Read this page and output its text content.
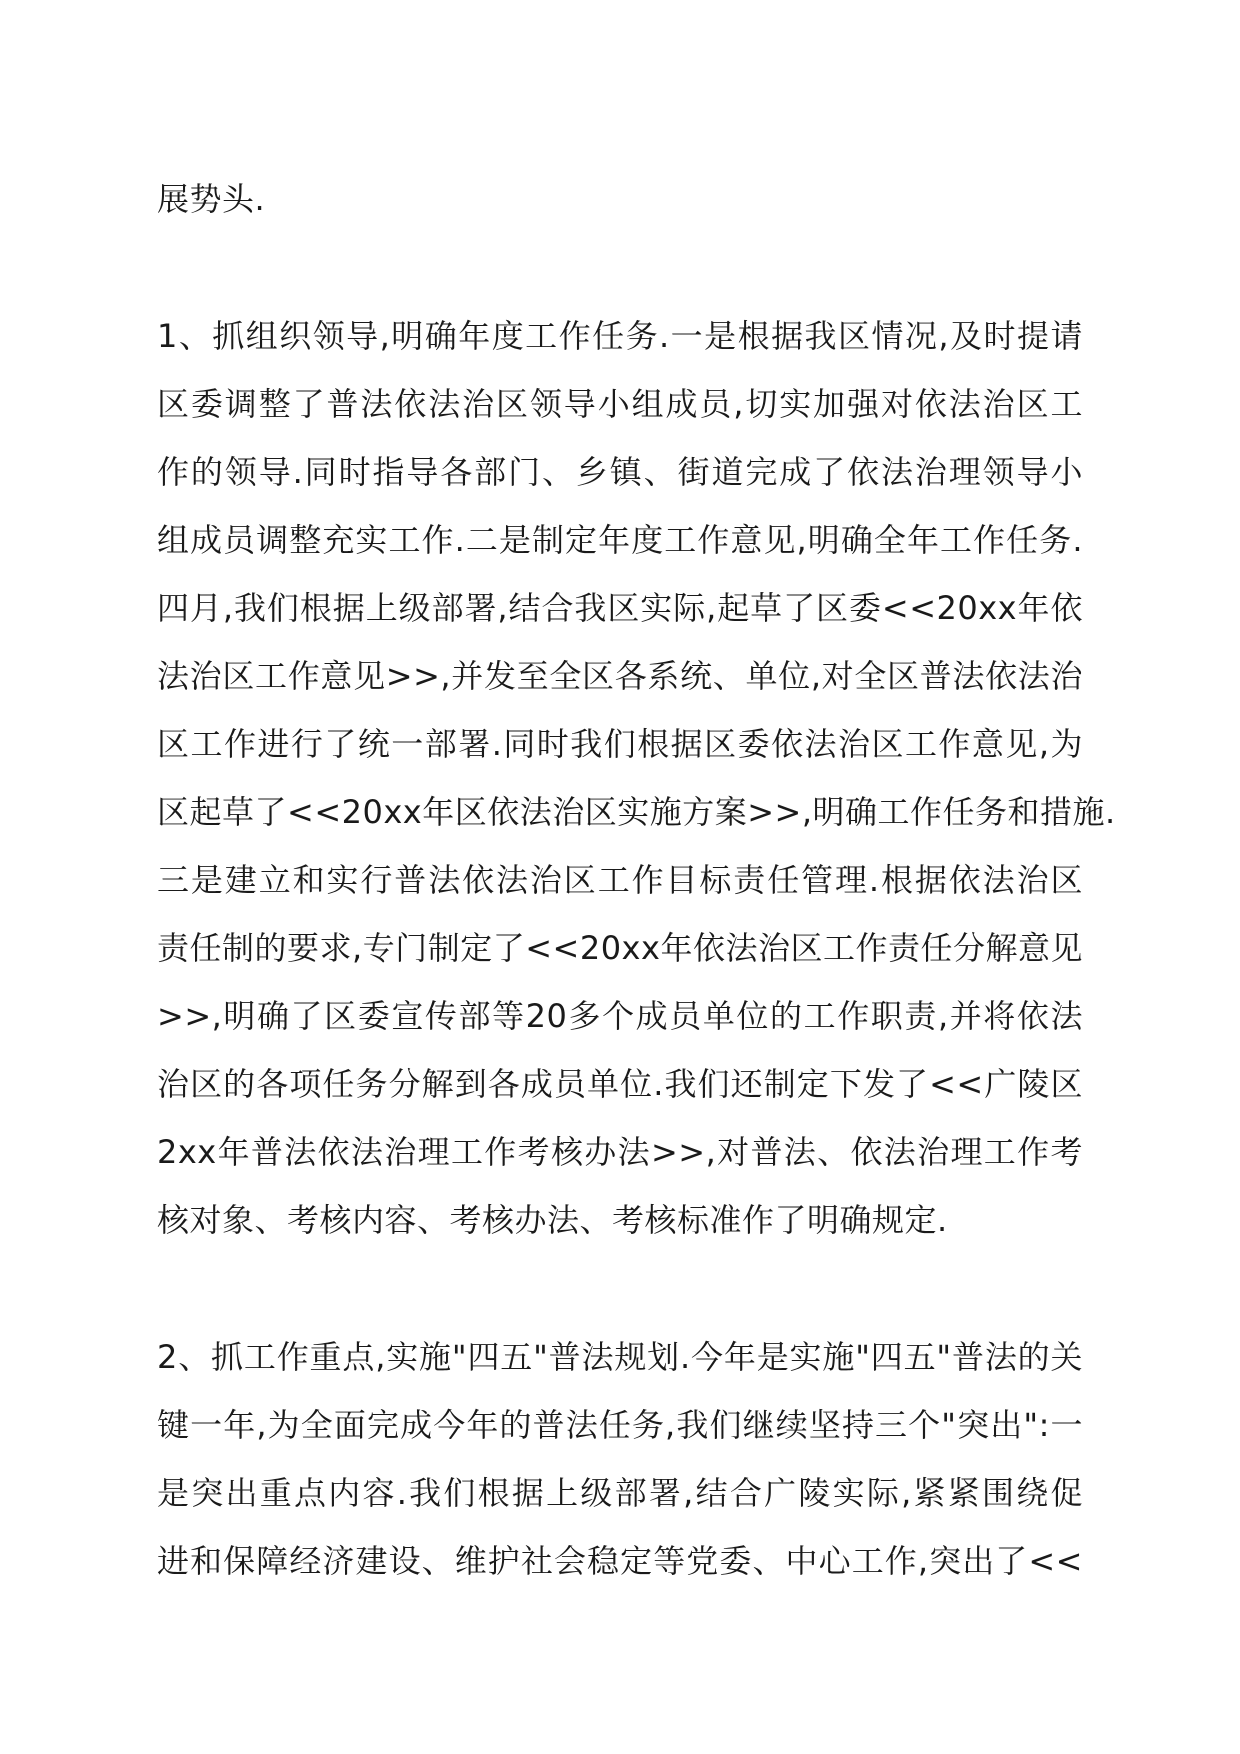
展势头.
1、抓组织领导,明确年度工作任务.一是根据我区情况,及时提请
区委调整了普法依法治区领导小组成员,切实加强对依法治区工
作的领导.同时指导各部门、乡镇、街道完成了依法治理领导小
组成员调整充实工作.二是制定年度工作意见,明确全年工作任务.
四月,我们根据上级部署,结合我区实际,起草了区委<<20xx年依
法治区工作意见>>,并发至全区各系统、单位,对全区普法依法治
区工作进行了统一部署.同时我们根据区委依法治区工作意见,为
区起草了<<20xx年区依法治区实施方案>>,明确工作任务和措施.
三是建立和实行普法依法治区工作目标责任管理.根据依法治区
责任制的要求,专门制定了<<20xx年依法治区工作责任分解意见
>>,明确了区委宣传部等20多个成员单位的工作职责,并将依法
治区的各项任务分解到各成员单位.我们还制定下发了<<广陵区
2xx年普法依法治理工作考核办法>>,对普法、依法治理工作考
核对象、考核内容、考核办法、考核标准作了明确规定.
2、抓工作重点,实施"四五"普法规划.今年是实施"四五"普法的关
键一年,为全面完成今年的普法任务,我们继续坚持三个"突出":一
是突出重点内容.我们根据上级部署,结合广陵实际,紧紧围绕促
进和保障经济建设、维护社会稳定等党委、中心工作,突出了<<
